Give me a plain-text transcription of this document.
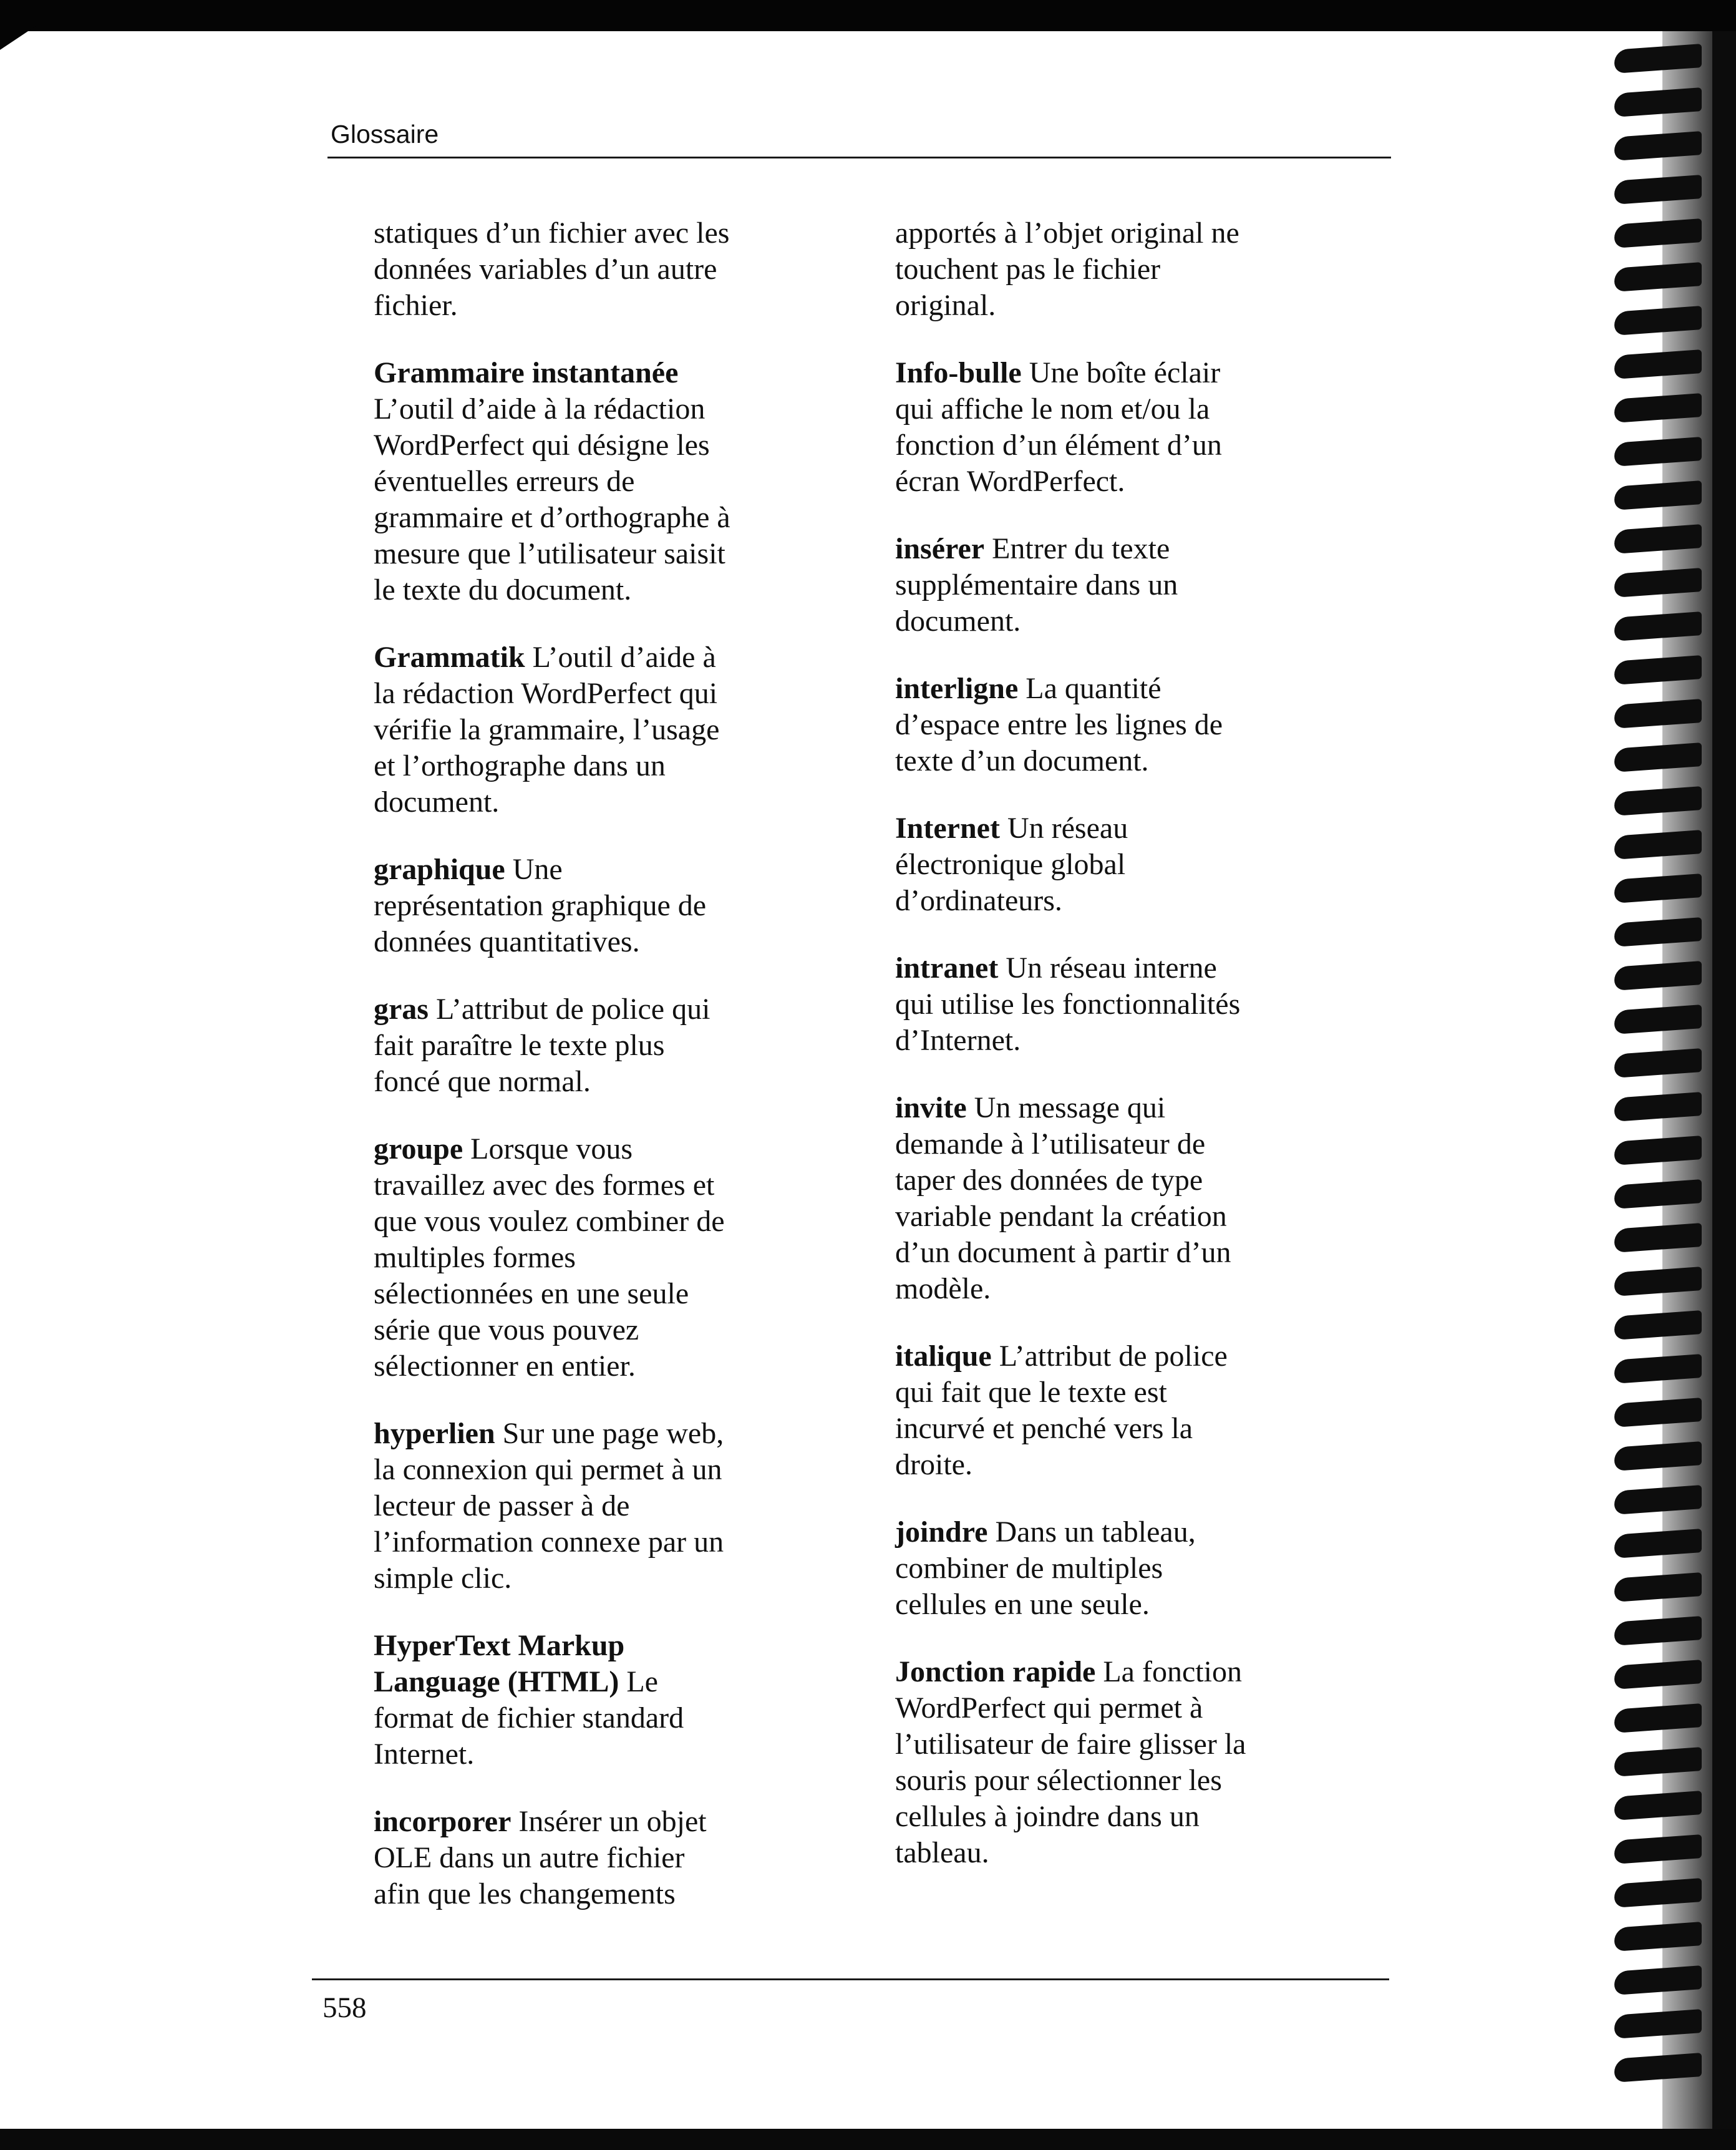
Glossaire

statiques d’un fichier avec les
données variables d’un autre
fichier.

Grammaire instantanée
L’outil d’aide à la rédaction
WordPerfect qui désigne les
éventuelles erreurs de
grammaire et d’orthographe à
mesure que l’utilisateur saisit
le texte du document.

Grammatik L’outil d’aide à
la rédaction WordPerfect qui
vérifie la grammaire, l’usage
et l’orthographe dans un
document.

graphique Une
représentation graphique de
données quantitatives.

gras L’attribut de police qui
fait paraître le texte plus
foncé que normal.

groupe Lorsque vous
travaillez avec des formes et
que vous voulez combiner de
multiples formes
sélectionnées en une seule
série que vous pouvez
sélectionner en entier.

hyperlien Sur une page web,
la connexion qui permet à un
lecteur de passer à de
l’information connexe par un
simple clic.

HyperText Markup
Language (HTML) Le
format de fichier standard
Internet.

incorporer Insérer un objet
OLE dans un autre fichier
afin que les changements

apportés à l’objet original ne
touchent pas le fichier
original.

Info-bulle Une boîte éclair
qui affiche le nom et/ou la
fonction d’un élément d’un
écran WordPerfect.

insérer Entrer du texte
supplémentaire dans un
document.

interligne La quantité
d’espace entre les lignes de
texte d’un document.

Internet Un réseau
électronique global
d’ordinateurs.

intranet Un réseau interne
qui utilise les fonctionnalités
d’Internet.

invite Un message qui
demande à l’utilisateur de
taper des données de type
variable pendant la création
d’un document à partir d’un
modèle.

italique L’attribut de police
qui fait que le texte est
incurvé et penché vers la
droite.

joindre Dans un tableau,
combiner de multiples
cellules en une seule.

Jonction rapide La fonction
WordPerfect qui permet à
l’utilisateur de faire glisser la
souris pour sélectionner les
cellules à joindre dans un
tableau.

558
